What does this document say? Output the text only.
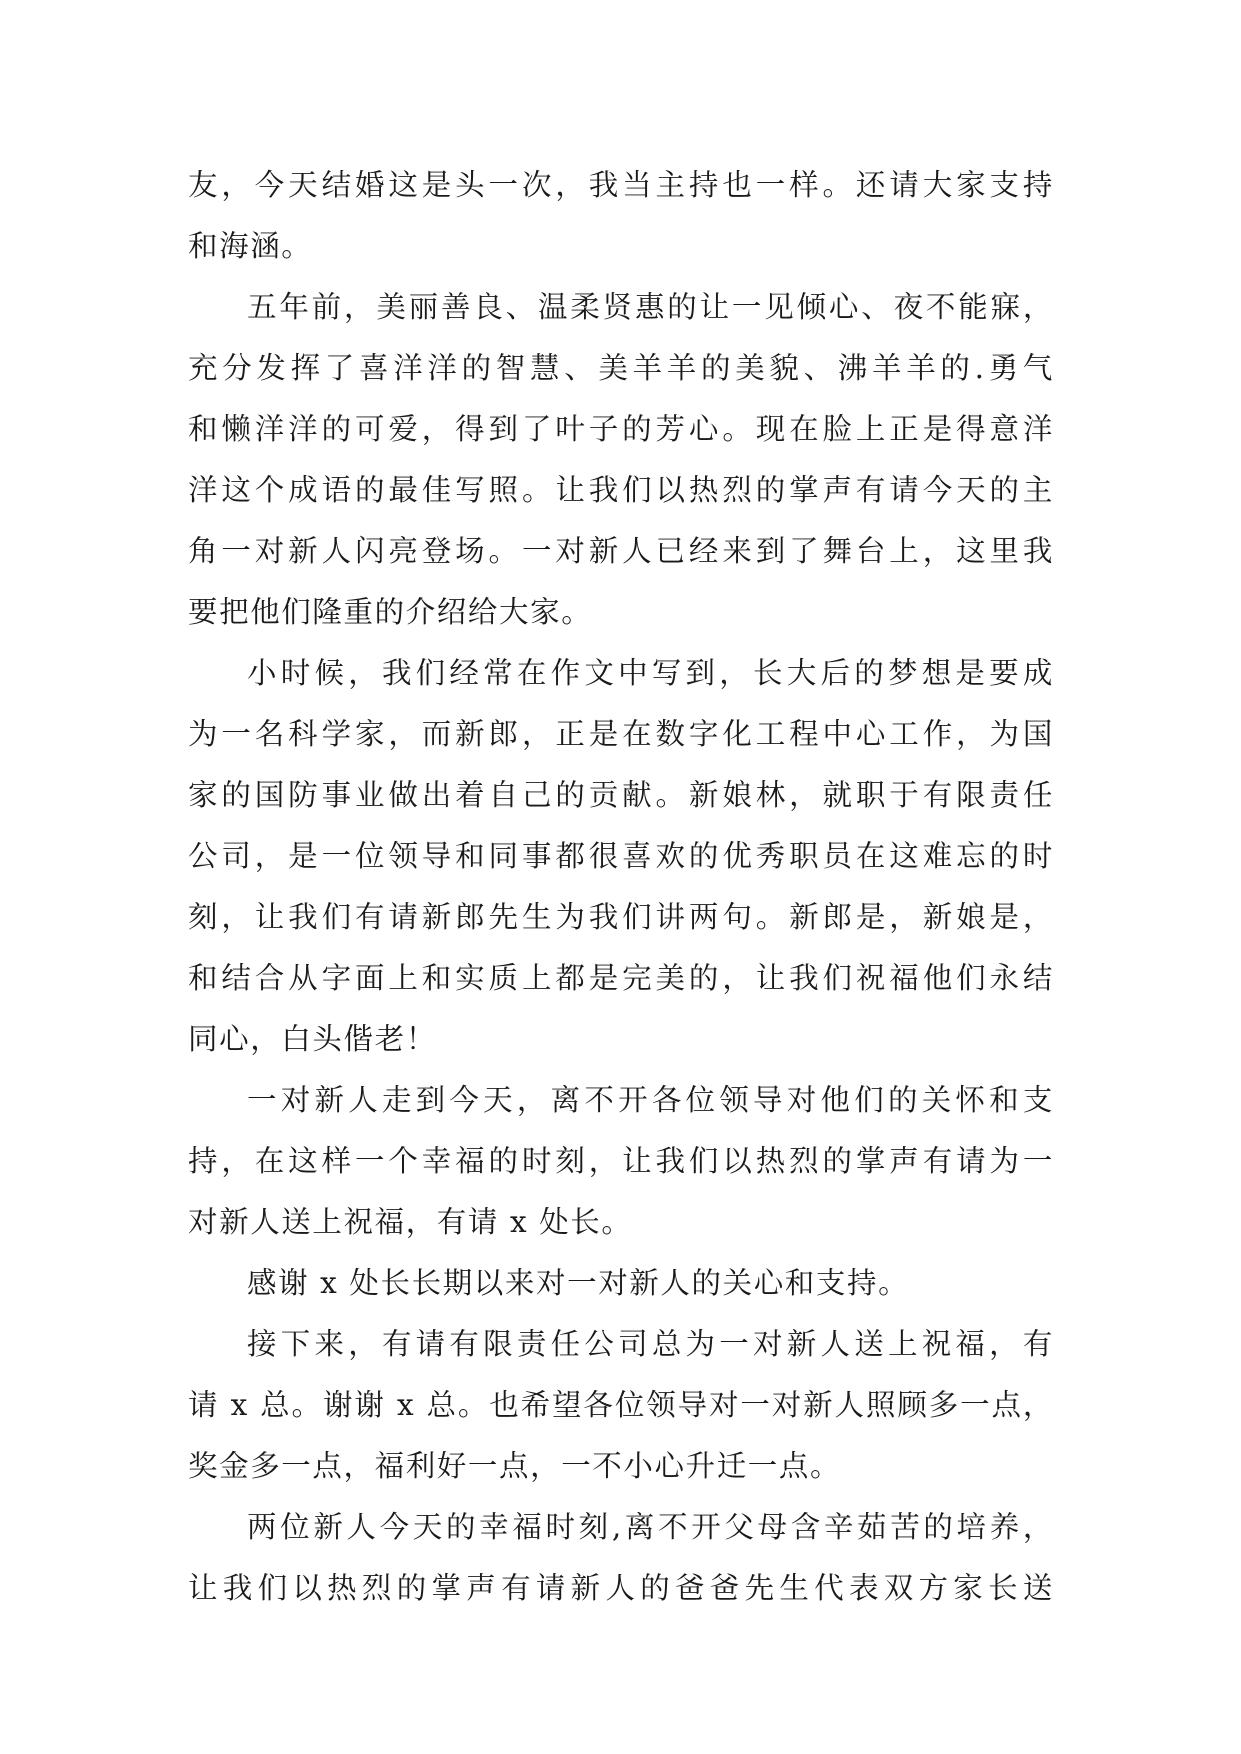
友，今天结婚这是头一次，我当主持也一样。还请大家支持
和海涵。

五年前，美丽善良、温柔贤惠的让一见倾心、夜不能寐，
充分发挥了喜洋洋的智慧、美羊羊的美貌、沸羊羊的.勇气
和懒洋洋的可爱，得到了叶子的芳心。现在脸上正是得意洋
洋这个成语的最佳写照。让我们以热烈的掌声有请今天的主
角一对新人闪亮登场。一对新人已经来到了舞台上，这里我
要把他们隆重的介绍给大家。

小时候，我们经常在作文中写到，长大后的梦想是要成
为一名科学家，而新郎，正是在数字化工程中心工作，为国
家的国防事业做出着自己的贡献。新娘林，就职于有限责任
公司，是一位领导和同事都很喜欢的优秀职员在这难忘的时
刻，让我们有请新郎先生为我们讲两句。新郎是，新娘是，
和结合从字面上和实质上都是完美的，让我们祝福他们永结
同心，白头偕老！

一对新人走到今天，离不开各位领导对他们的关怀和支
持，在这样一个幸福的时刻，让我们以热烈的掌声有请为一
对新人送上祝福，有请 x 处长。

感谢 x 处长长期以来对一对新人的关心和支持。

接下来，有请有限责任公司总为一对新人送上祝福，有
请 x 总。谢谢 x 总。也希望各位领导对一对新人照顾多一点，
奖金多一点，福利好一点，一不小心升迁一点。

两位新人今天的幸福时刻,离不开父母含辛茹苦的培养，
让我们以热烈的掌声有请新人的爸爸先生代表双方家长送
